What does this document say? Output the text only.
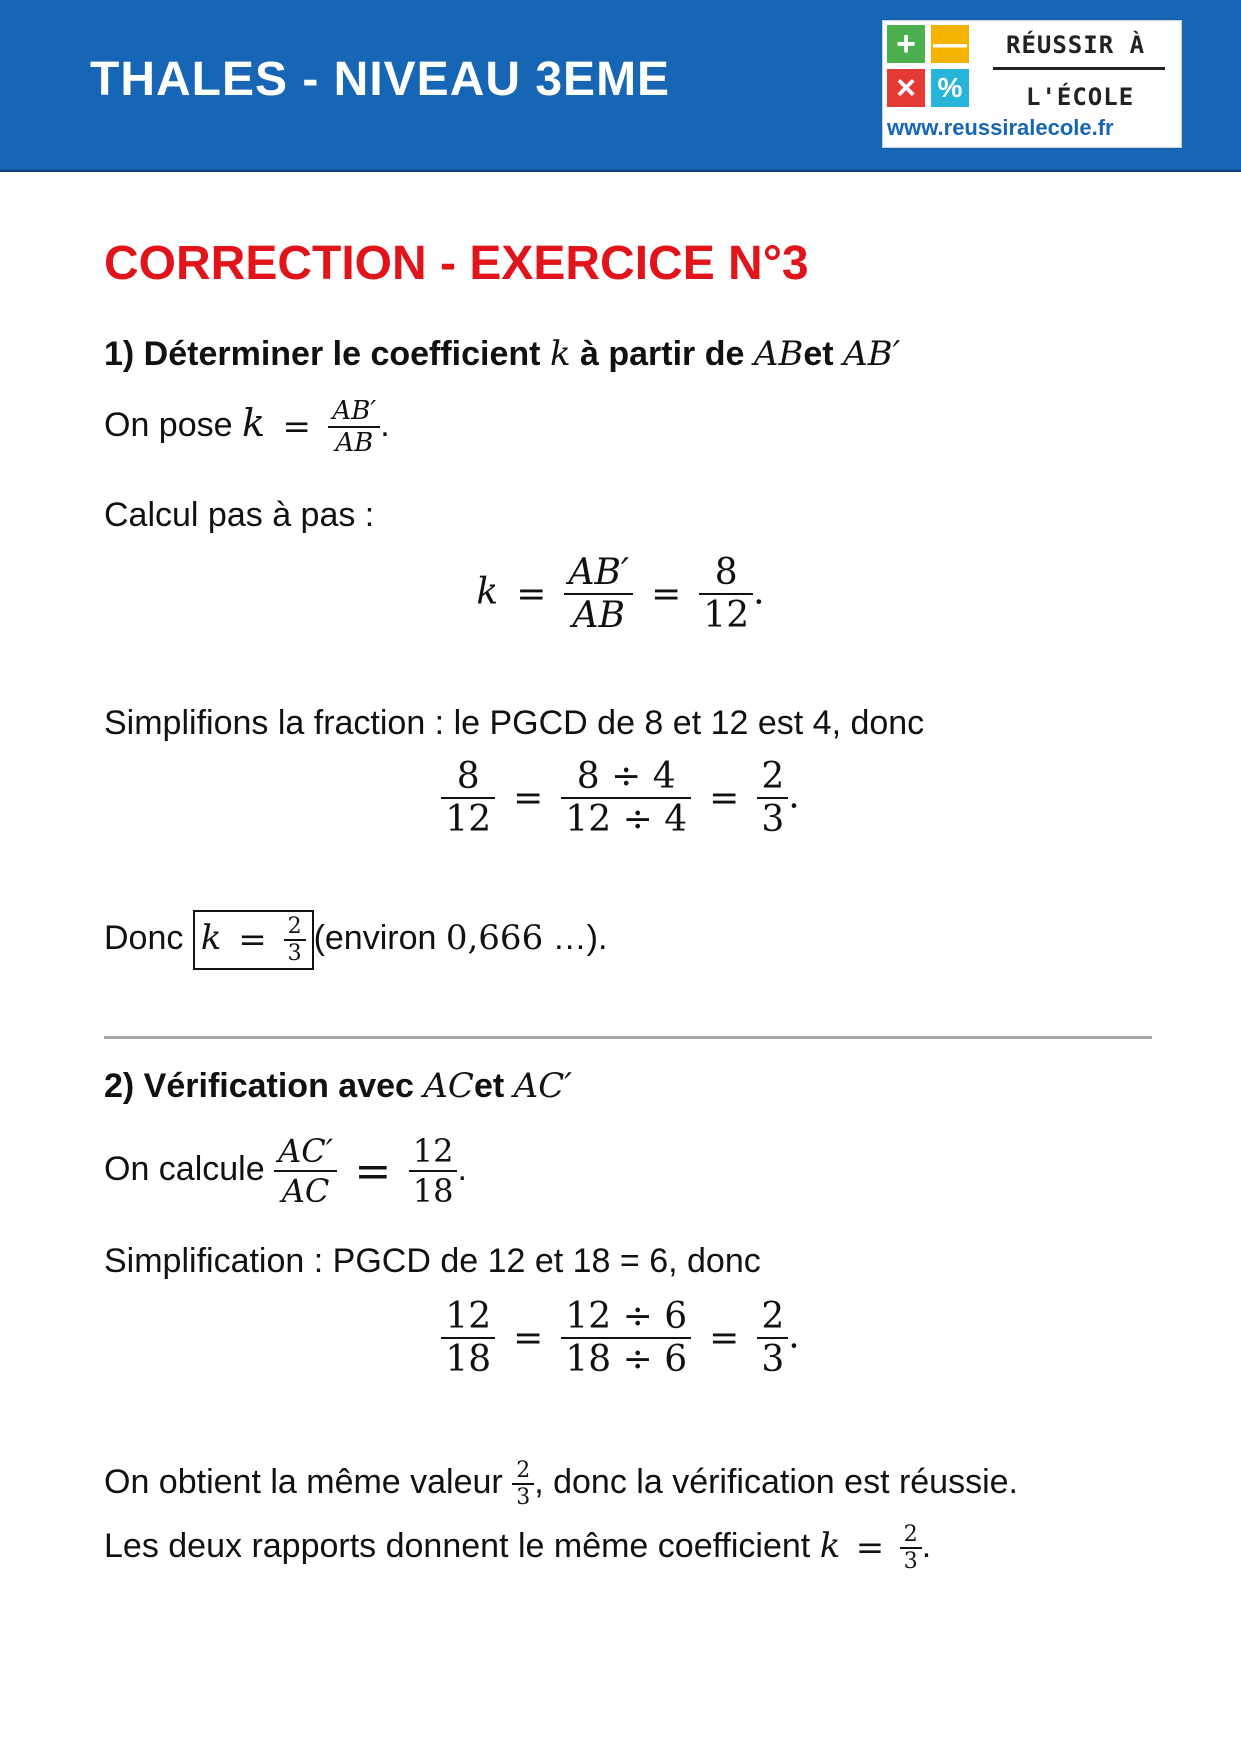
THALES - NIVEAU 3EME
+ —
× %
RÉUSSIR À
L'ÉCOLE
www.reussiralecole.fr
CORRECTION - EXERCICE N°3
1) Déterminer le coefficient k à partir de ABet AB′
On pose $k = \frac{AB'}{AB}$ .
Calcul pas à pas :
$k = \frac{AB'}{AB} = \frac{8}{12}$ .
Simplifions la fraction : le PGCD de 8 et 12 est 4, donc
$\frac{8}{12} = \frac{8 \div 4}{12 \div 4} = \frac{2}{3}$ .
Donc $k = \frac{2}{3}$ (environ 0,666 …).
2) Vérification avec ACet AC′
On calcule $\frac{AC'}{AC} = \frac{12}{18}$ .
Simplification : PGCD de 12 et 18 = 6, donc
$\frac{12}{18} = \frac{12 \div 6}{18 \div 6} = \frac{2}{3}$ .
On obtient la même valeur $\frac{2}{3}$ , donc la vérification est réussie.
Les deux rapports donnent le même coefficient $k = \frac{2}{3}$ .
